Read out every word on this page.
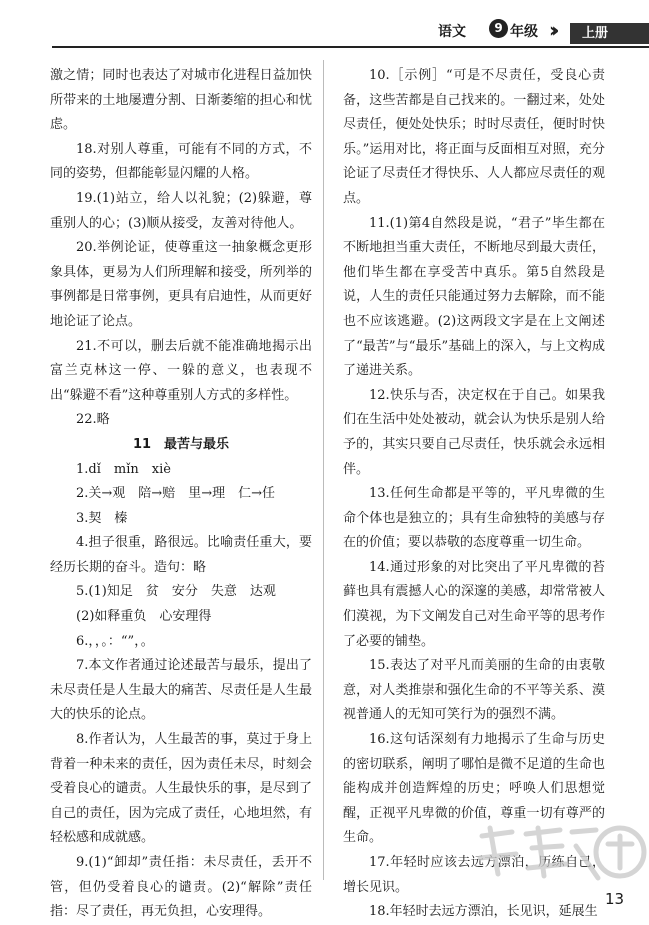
语文	9 年级 ››	上册

激之情；同时也表达了对城市化进程日益加快所带来的土地屡遭分割、日渐萎缩的担心和忧虑。

18.对别人尊重，可能有不同的方式，不同的姿势，但都能彰显闪耀的人格。

19.(1)站立，给人以礼貌；(2)躲避，尊重别人的心；(3)顺从接受，友善对待他人。

20.举例论证，使尊重这一抽象概念更形象具体，更易为人们所理解和接受，所列举的事例都是日常事例，更具有启迪性，从而更好地论证了论点。

21.不可以，删去后就不能准确地揭示出富兰克林这一停、一躲的意义，也表现不出“躲避不看”这种尊重别人方式的多样性。

22.略

11　最苦与最乐

1.dǐ　mǐn　xiè

2.关→观　陪→赔　里→理　仁→任

3.契　榛

4.担子很重，路很远。比喻责任重大，要经历长期的奋斗。造句：略

5.(1)知足　贫　安分　失意　达观

(2)如释重负　心安理得

6.，，。：“”，。

7.本文作者通过论述最苦与最乐，提出了未尽责任是人生最大的痛苦、尽责任是人生最大的快乐的论点。

8.作者认为，人生最苦的事，莫过于身上背着一种未来的责任，因为责任未尽，时刻会受着良心的谴责。人生最快乐的事，是尽到了自己的责任，因为完成了责任，心地坦然，有轻松感和成就感。

9.(1)“卸却”责任指：未尽责任，丢开不管，但仍受着良心的谴责。(2)“解除”责任指：尽了责任，再无负担，心安理得。

10.［示例］“可是不尽责任，受良心责备，这些苦都是自己找来的。一翻过来，处处尽责任，便处处快乐；时时尽责任，便时时快乐。”运用对比，将正面与反面相互对照，充分论证了尽责任才得快乐、人人都应尽责任的观点。

11.(1)第4自然段是说，“君子”毕生都在不断地担当重大责任，不断地尽到最大责任，他们毕生都在享受苦中真乐。第5自然段是说，人生的责任只能通过努力去解除，而不能也不应该逃避。(2)这两段文字是在上文阐述了“最苦”与“最乐”基础上的深入，与上文构成了递进关系。

12.快乐与否，决定权在于自己。如果我们在生活中处处被动，就会认为快乐是别人给予的，其实只要自己尽责任，快乐就会永远相伴。

13.任何生命都是平等的，平凡卑微的生命个体也是独立的；具有生命独特的美感与存在的价值；要以恭敬的态度尊重一切生命。

14.通过形象的对比突出了平凡卑微的苔藓也具有震撼人心的深邃的美感，却常常被人们漠视，为下文阐发自己对生命平等的思考作了必要的铺垫。

15.表达了对平凡而美丽的生命的由衷敬意，对人类推崇和强化生命的不平等关系、漠视普通人的无知可笑行为的强烈不满。

16.这句话深刻有力地揭示了生命与历史的密切联系，阐明了哪怕是微不足道的生命也能构成并创造辉煌的历史；呼唤人们思想觉醒，正视平凡卑微的价值，尊重一切有尊严的生命。

17.年轻时应该去远方漂泊，历练自己，增长见识。

18.年轻时去远方漂泊，长见识，延展生

13
